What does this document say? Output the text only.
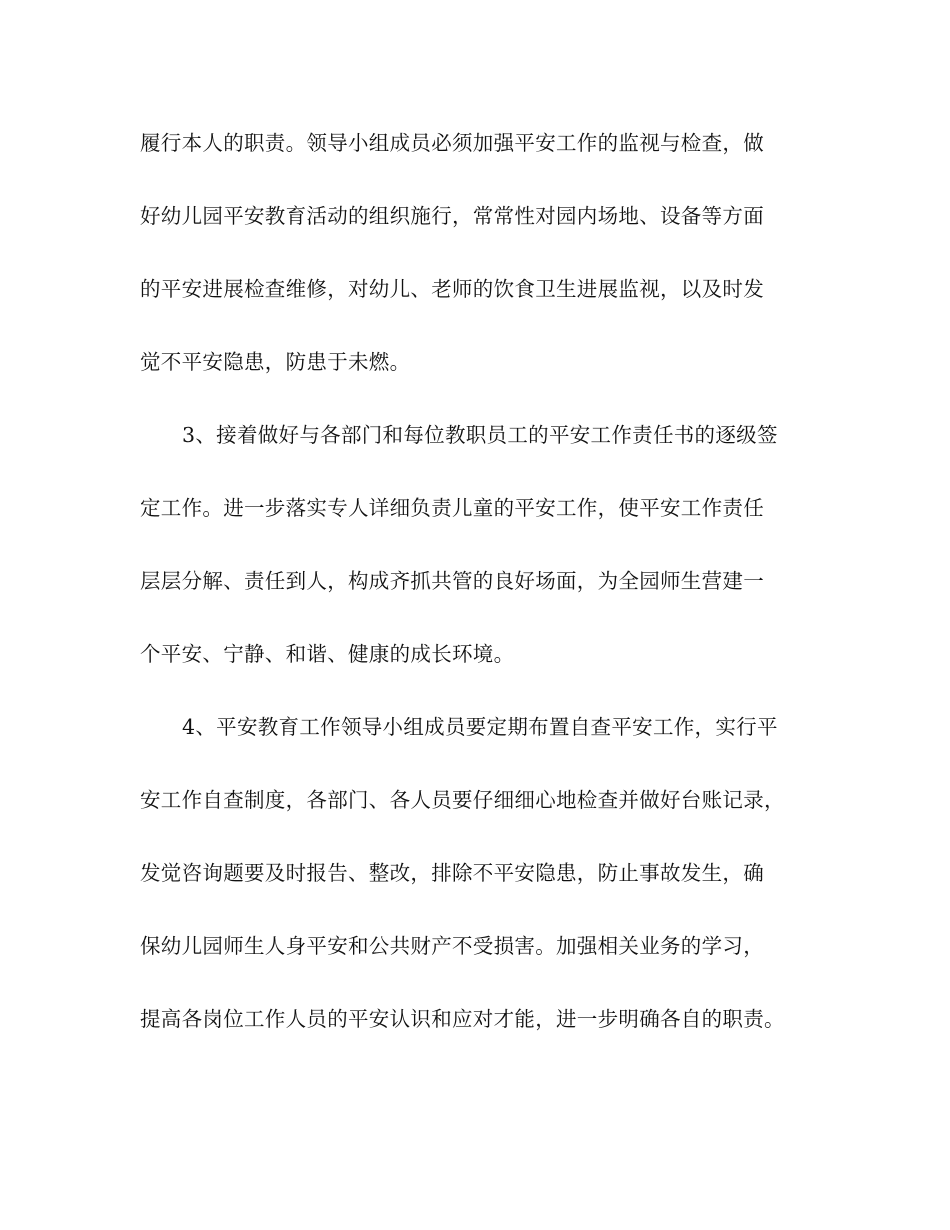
履行本人的职责。领导小组成员必须加强平安工作的监视与检查，做
好幼儿园平安教育活动的组织施行，常常性对园内场地、设备等方面
的平安进展检查维修，对幼儿、老师的饮食卫生进展监视，以及时发
觉不平安隐患，防患于未燃。
3、接着做好与各部门和每位教职员工的平安工作责任书的逐级签
定工作。进一步落实专人详细负责儿童的平安工作，使平安工作责任
层层分解、责任到人，构成齐抓共管的良好场面，为全园师生营建一
个平安、宁静、和谐、健康的成长环境。
4、平安教育工作领导小组成员要定期布置自查平安工作，实行平
安工作自查制度，各部门、各人员要仔细细心地检查并做好台账记录，
发觉咨询题要及时报告、整改，排除不平安隐患，防止事故发生，确
保幼儿园师生人身平安和公共财产不受损害。加强相关业务的学习，
提高各岗位工作人员的平安认识和应对才能，进一步明确各自的职责。
